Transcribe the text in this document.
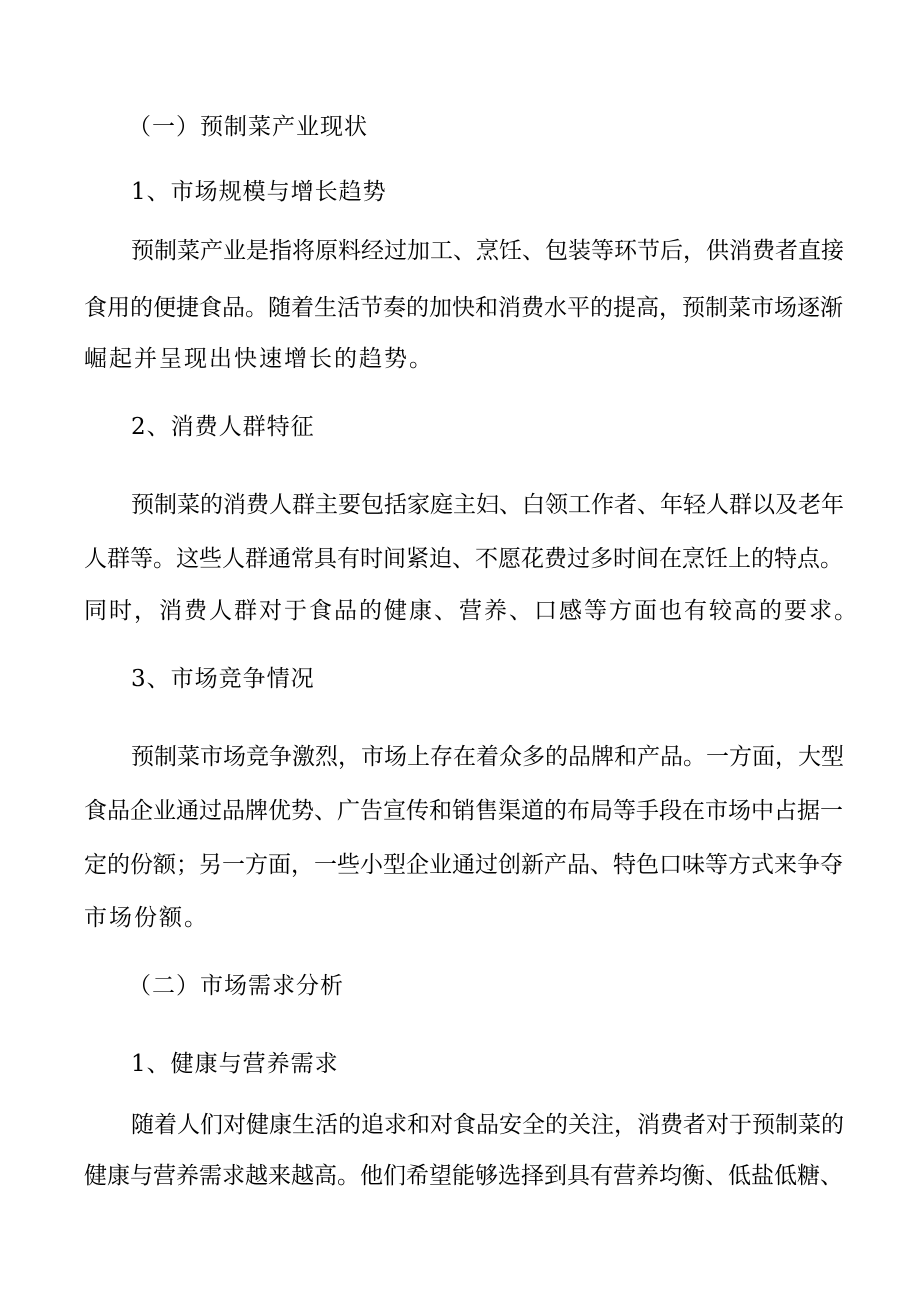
（一）预制菜产业现状
1、市场规模与增长趋势
预制菜产业是指将原料经过加工、烹饪、包装等环节后，供消费者直接
食用的便捷食品。随着生活节奏的加快和消费水平的提高，预制菜市场逐渐
崛起并呈现出快速增长的趋势。
2、消费人群特征
预制菜的消费人群主要包括家庭主妇、白领工作者、年轻人群以及老年
人群等。这些人群通常具有时间紧迫、不愿花费过多时间在烹饪上的特点。
同时，消费人群对于食品的健康、营养、口感等方面也有较高的要求。
3、市场竞争情况
预制菜市场竞争激烈，市场上存在着众多的品牌和产品。一方面，大型
食品企业通过品牌优势、广告宣传和销售渠道的布局等手段在市场中占据一
定的份额；另一方面，一些小型企业通过创新产品、特色口味等方式来争夺
市场份额。
（二）市场需求分析
1、健康与营养需求
随着人们对健康生活的追求和对食品安全的关注，消费者对于预制菜的
健康与营养需求越来越高。他们希望能够选择到具有营养均衡、低盐低糖、
